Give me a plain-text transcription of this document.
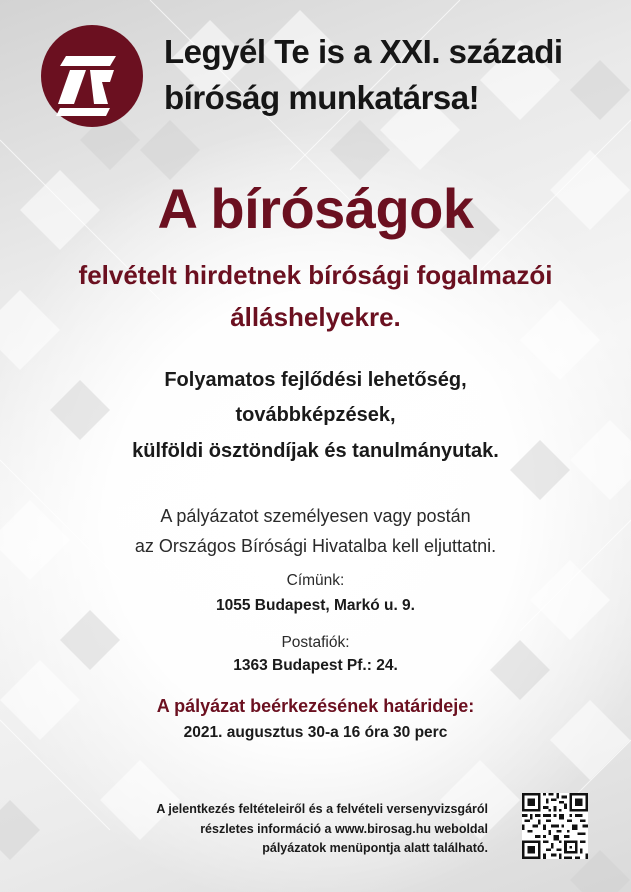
Legyél Te is a XXI. századi
bíróság munkatársa!
A bíróságok
felvételt hirdetnek bírósági fogalmazói
álláshelyekre.
Folyamatos fejlődési lehetőség,
továbbképzések,
külföldi ösztöndíjak és tanulmányutak.
A pályázatot személyesen vagy postán
az Országos Bírósági Hivatalba kell eljuttatni.
Címünk:
1055 Budapest, Markó u. 9.
Postafiók:
1363 Budapest Pf.: 24.
A pályázat beérkezésének határideje:
2021. augusztus 30-a 16 óra 30 perc
A jelentkezés feltételeiről és a felvételi versenyvizsgáról
részletes információ a www.birosag.hu weboldal
pályázatok menüpontja alatt található.
